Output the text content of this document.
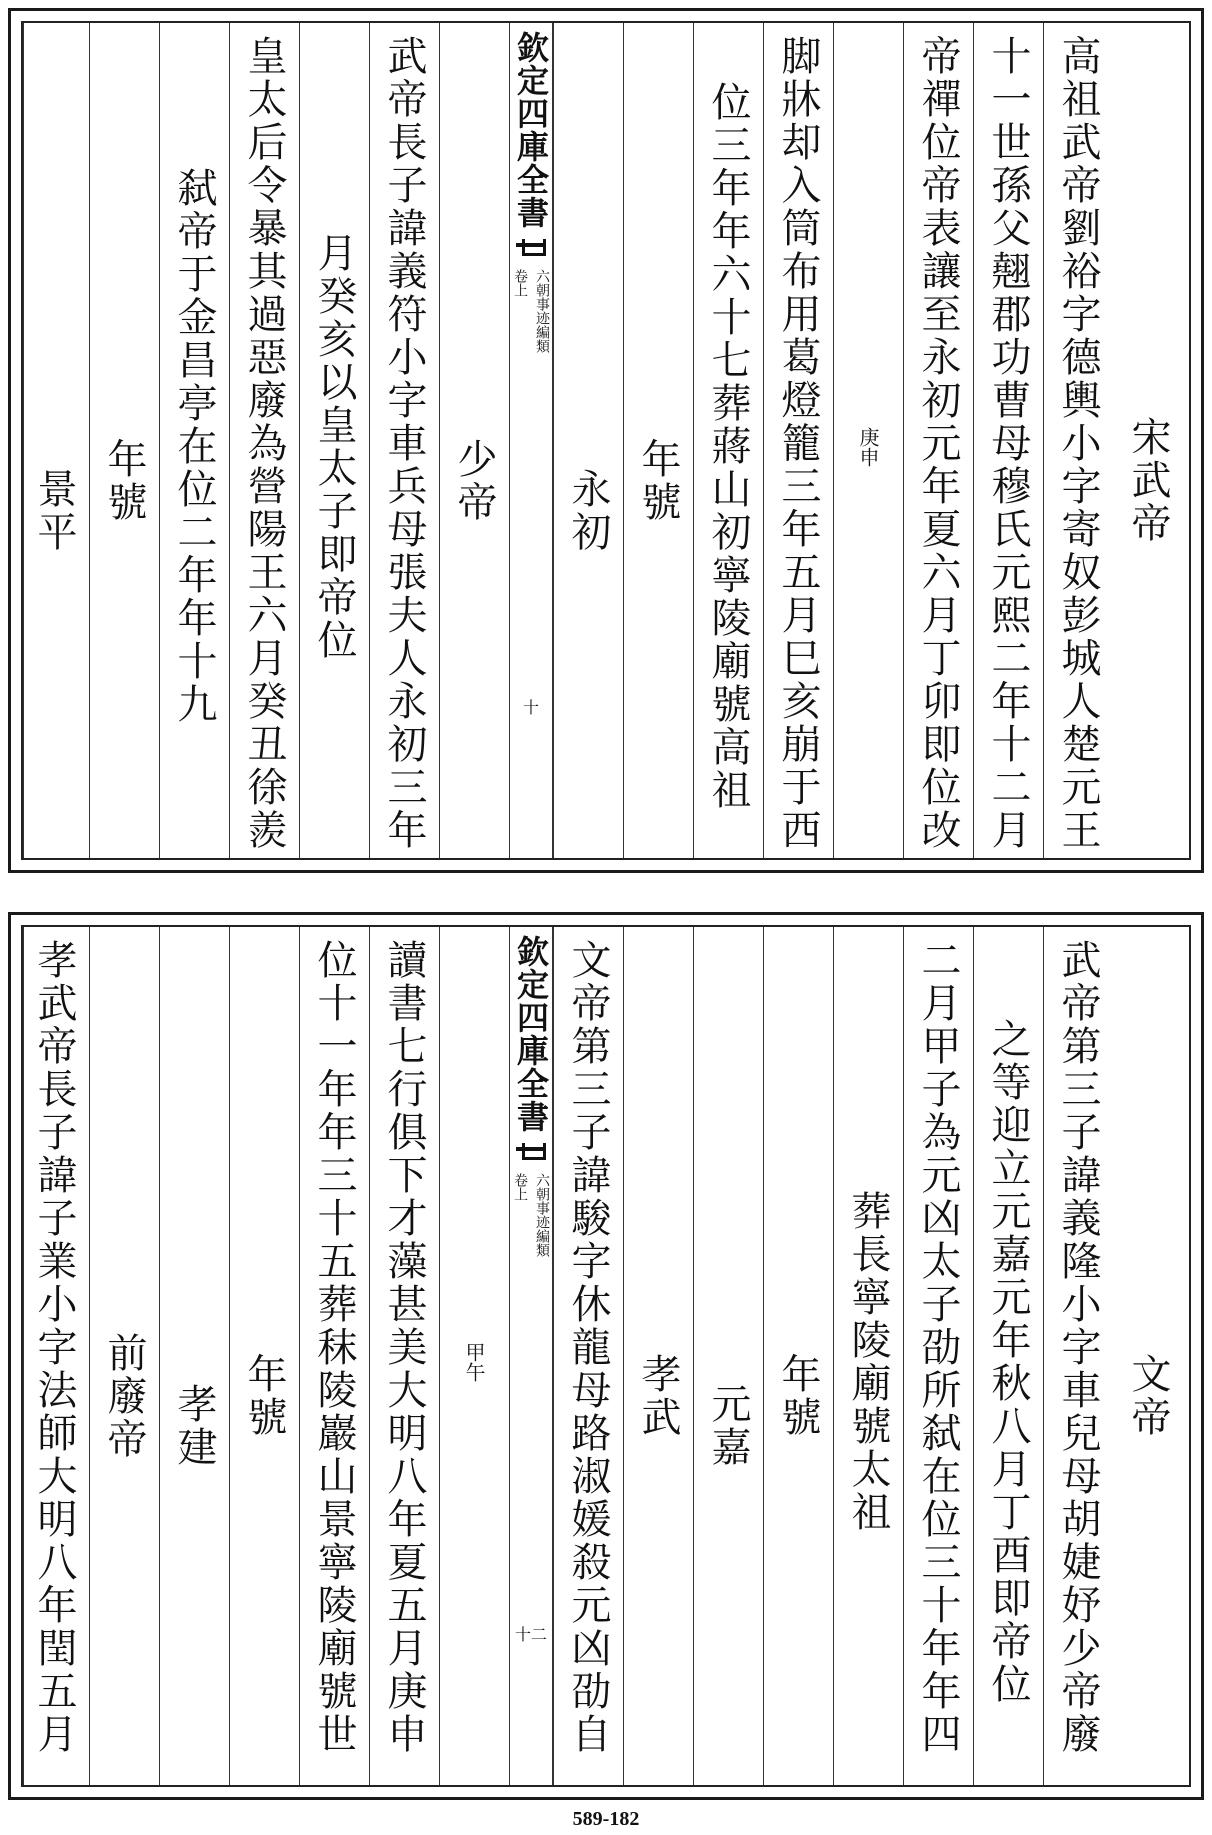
宋武帝
高祖武帝劉裕字德輿小字寄奴彭城人楚元王
十一世孫父翹郡功曹母穆氏元熙二年十二月
帝禪位帝表讓至永初元年夏六月丁卯即位改
庚申
脚牀却入筒布用葛燈籠三年五月巳亥崩于西
位三年年六十七葬蔣山初寧陵廟號高祖
年號
永初
欽定四庫全書
卷上 六朝事迹編類
十
少帝
武帝長子諱義符小字車兵母張夫人永初三年
月癸亥以皇太子即帝位
皇太后令暴其過惡廢為營陽王六月癸丑徐羨
弑帝于金昌亭在位二年年十九
年號
景平
文帝
武帝第三子諱義隆小字車兒母胡婕妤少帝廢
之等迎立元嘉元年秋八月丁酉即帝位
二月甲子為元凶太子劭所弑在位三十年年四
葬長寧陵廟號太祖
年號
元嘉
孝武
文帝第三子諱駿字休龍母路淑媛殺元凶劭自
欽定四庫全書
卷上 六朝事迹編類
十二
甲午
讀書七行俱下才藻甚美大明八年夏五月庚申
位十一年年三十五葬秣陵巖山景寧陵廟號世
年號
孝建
前廢帝
孝武帝長子諱子業小字法師大明八年閏五月
589-182
